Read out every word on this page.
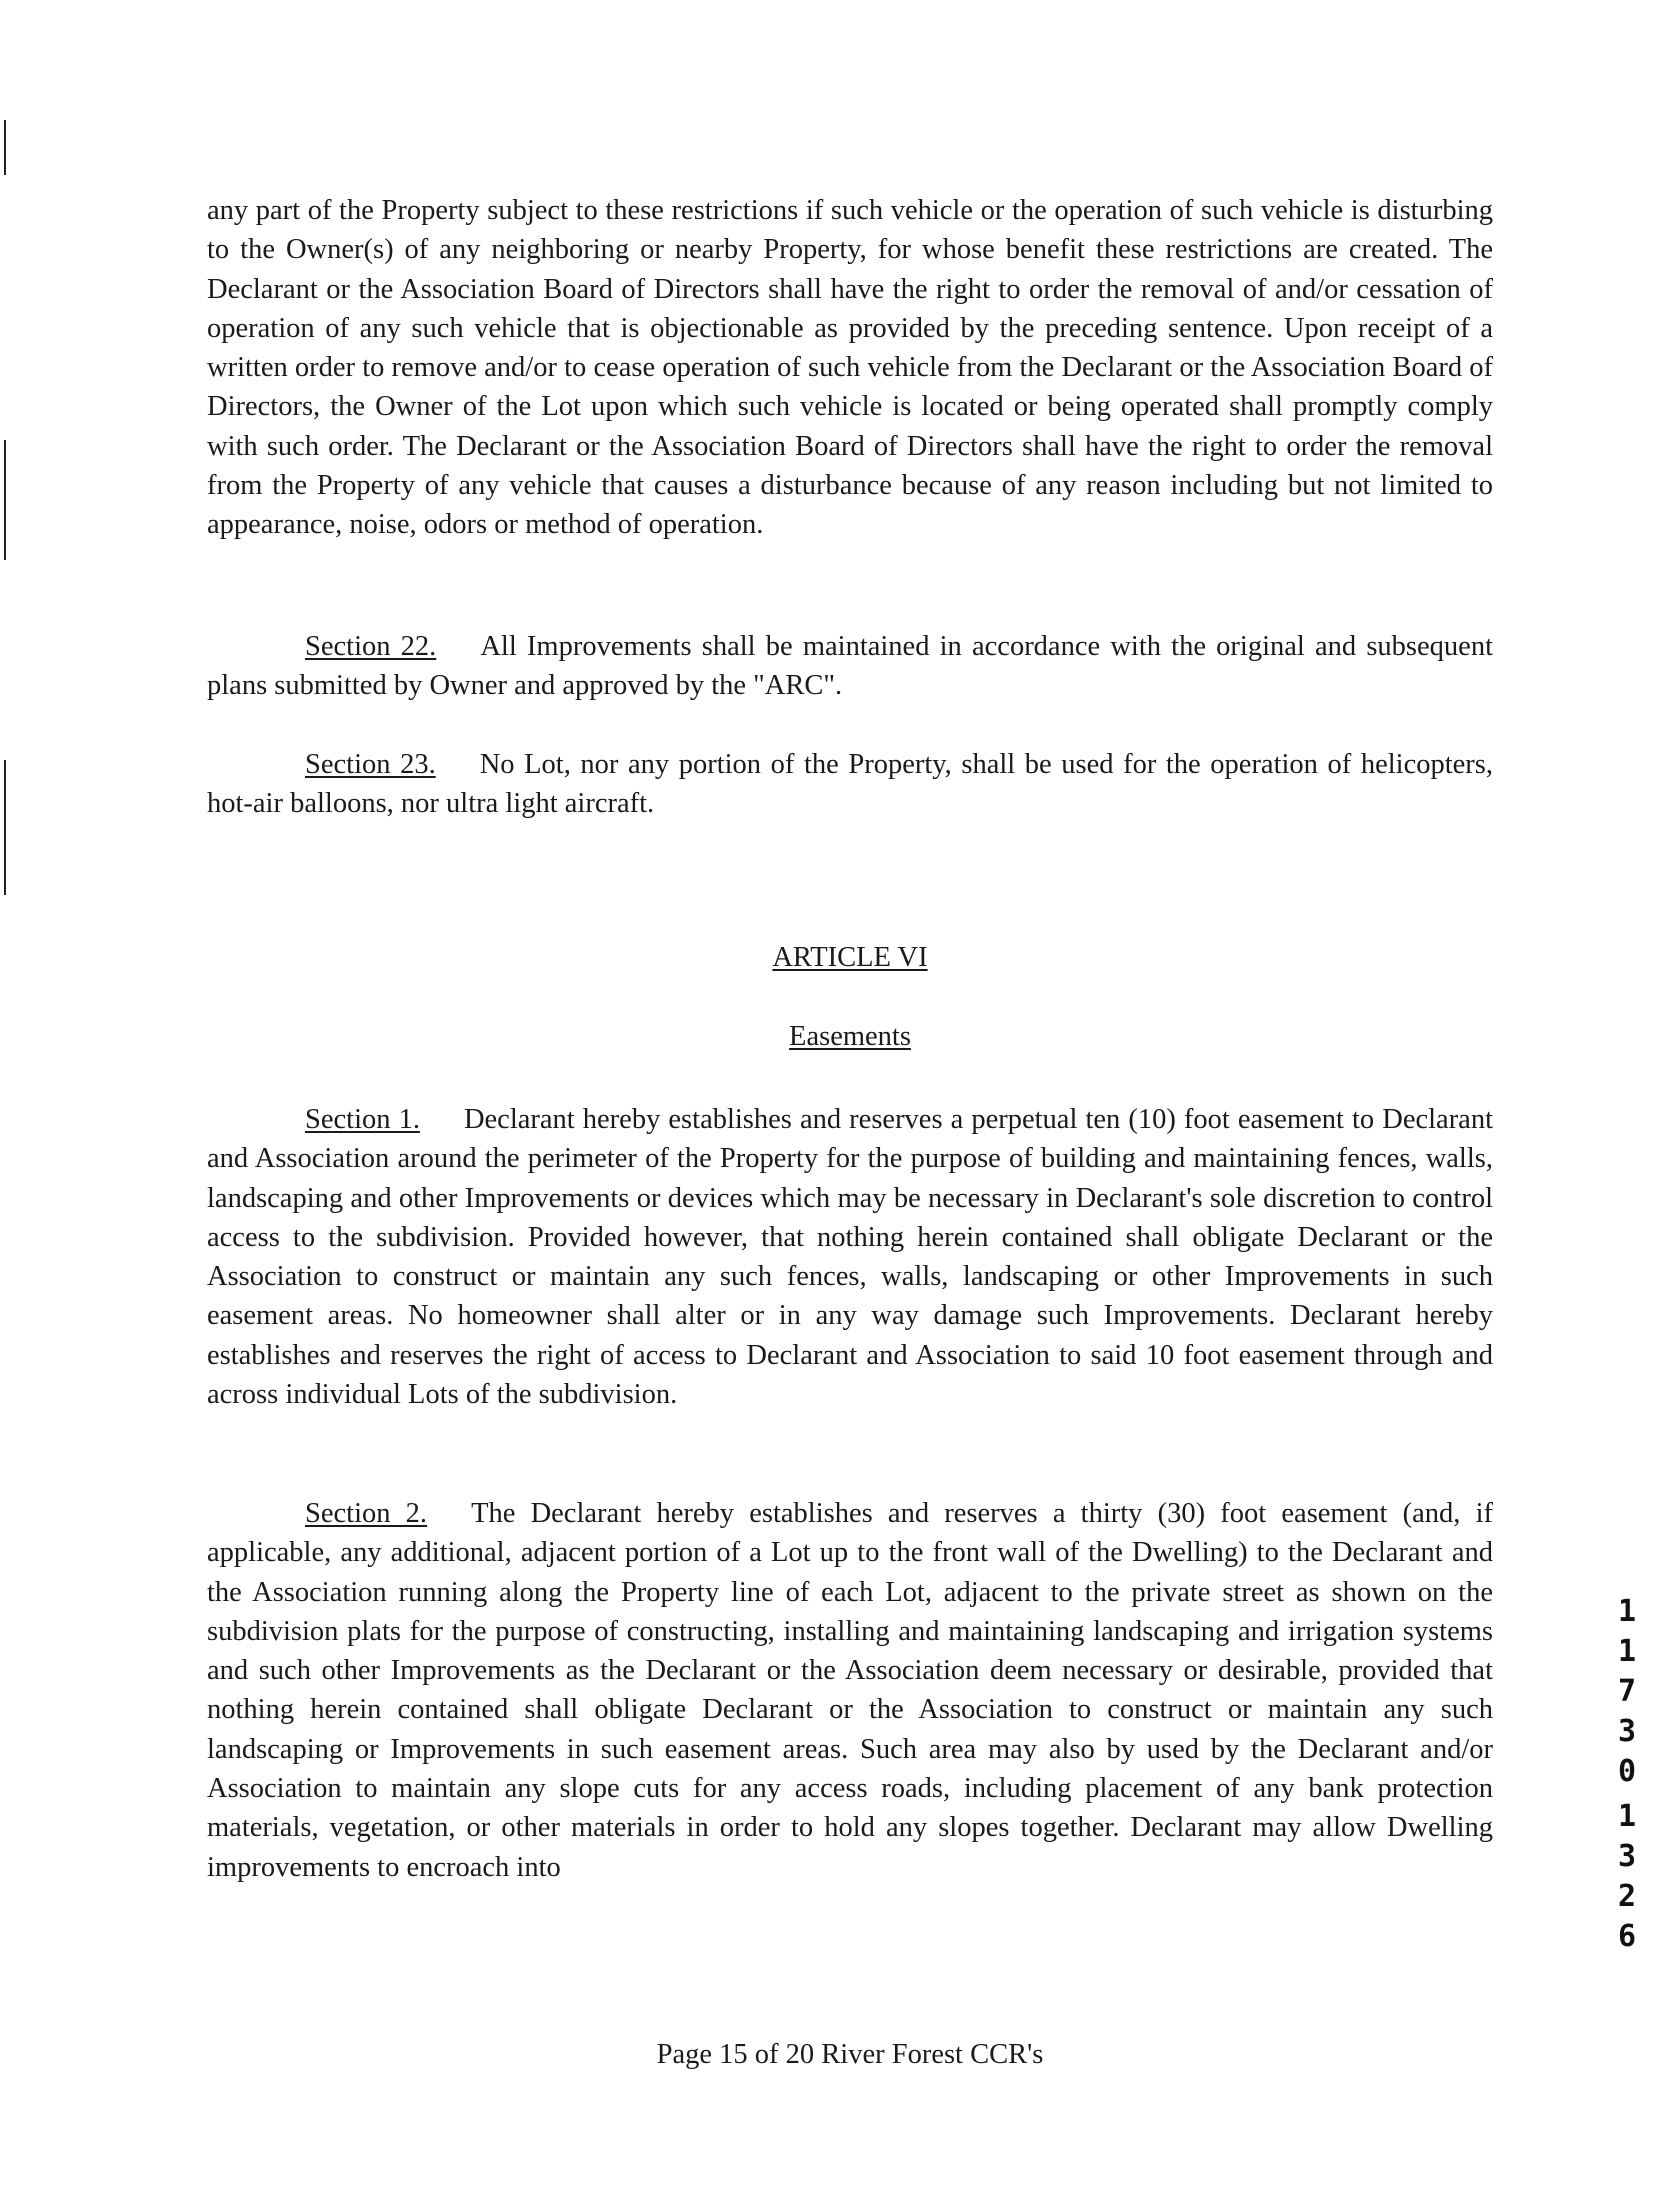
any part of the Property subject to these restrictions if such vehicle or the operation of such vehicle is disturbing to the Owner(s) of any neighboring or nearby Property, for whose benefit these restrictions are created. The Declarant or the Association Board of Directors shall have the right to order the removal of and/or cessation of operation of any such vehicle that is objectionable as provided by the preceding sentence. Upon receipt of a written order to remove and/or to cease operation of such vehicle from the Declarant or the Association Board of Directors, the Owner of the Lot upon which such vehicle is located or being operated shall promptly comply with such order. The Declarant or the Association Board of Directors shall have the right to order the removal from the Property of any vehicle that causes a disturbance because of any reason including but not limited to appearance, noise, odors or method of operation.

Section 22. All Improvements shall be maintained in accordance with the original and subsequent plans submitted by Owner and approved by the "ARC".

Section 23. No Lot, nor any portion of the Property, shall be used for the operation of helicopters, hot-air balloons, nor ultra light aircraft.

ARTICLE VI

Easements

Section 1. Declarant hereby establishes and reserves a perpetual ten (10) foot easement to Declarant and Association around the perimeter of the Property for the purpose of building and maintaining fences, walls, landscaping and other Improvements or devices which may be necessary in Declarant's sole discretion to control access to the subdivision. Provided however, that nothing herein contained shall obligate Declarant or the Association to construct or maintain any such fences, walls, landscaping or other Improvements in such easement areas. No homeowner shall alter or in any way damage such Improvements. Declarant hereby establishes and reserves the right of access to Declarant and Association to said 10 foot easement through and across individual Lots of the subdivision.

Section 2. The Declarant hereby establishes and reserves a thirty (30) foot easement (and, if applicable, any additional, adjacent portion of a Lot up to the front wall of the Dwelling) to the Declarant and the Association running along the Property line of each Lot, adjacent to the private street as shown on the subdivision plats for the purpose of constructing, installing and maintaining landscaping and irrigation systems and such other Improvements as the Declarant or the Association deem necessary or desirable, provided that nothing herein contained shall obligate Declarant or the Association to construct or maintain any such landscaping or Improvements in such easement areas. Such area may also by used by the Declarant and/or Association to maintain any slope cuts for any access roads, including placement of any bank protection materials, vegetation, or other materials in order to hold any slopes together. Declarant may allow Dwelling improvements to encroach into

Page 15 of 20 River Forest CCR's

1
1
7
3
0
1
3
2
6
